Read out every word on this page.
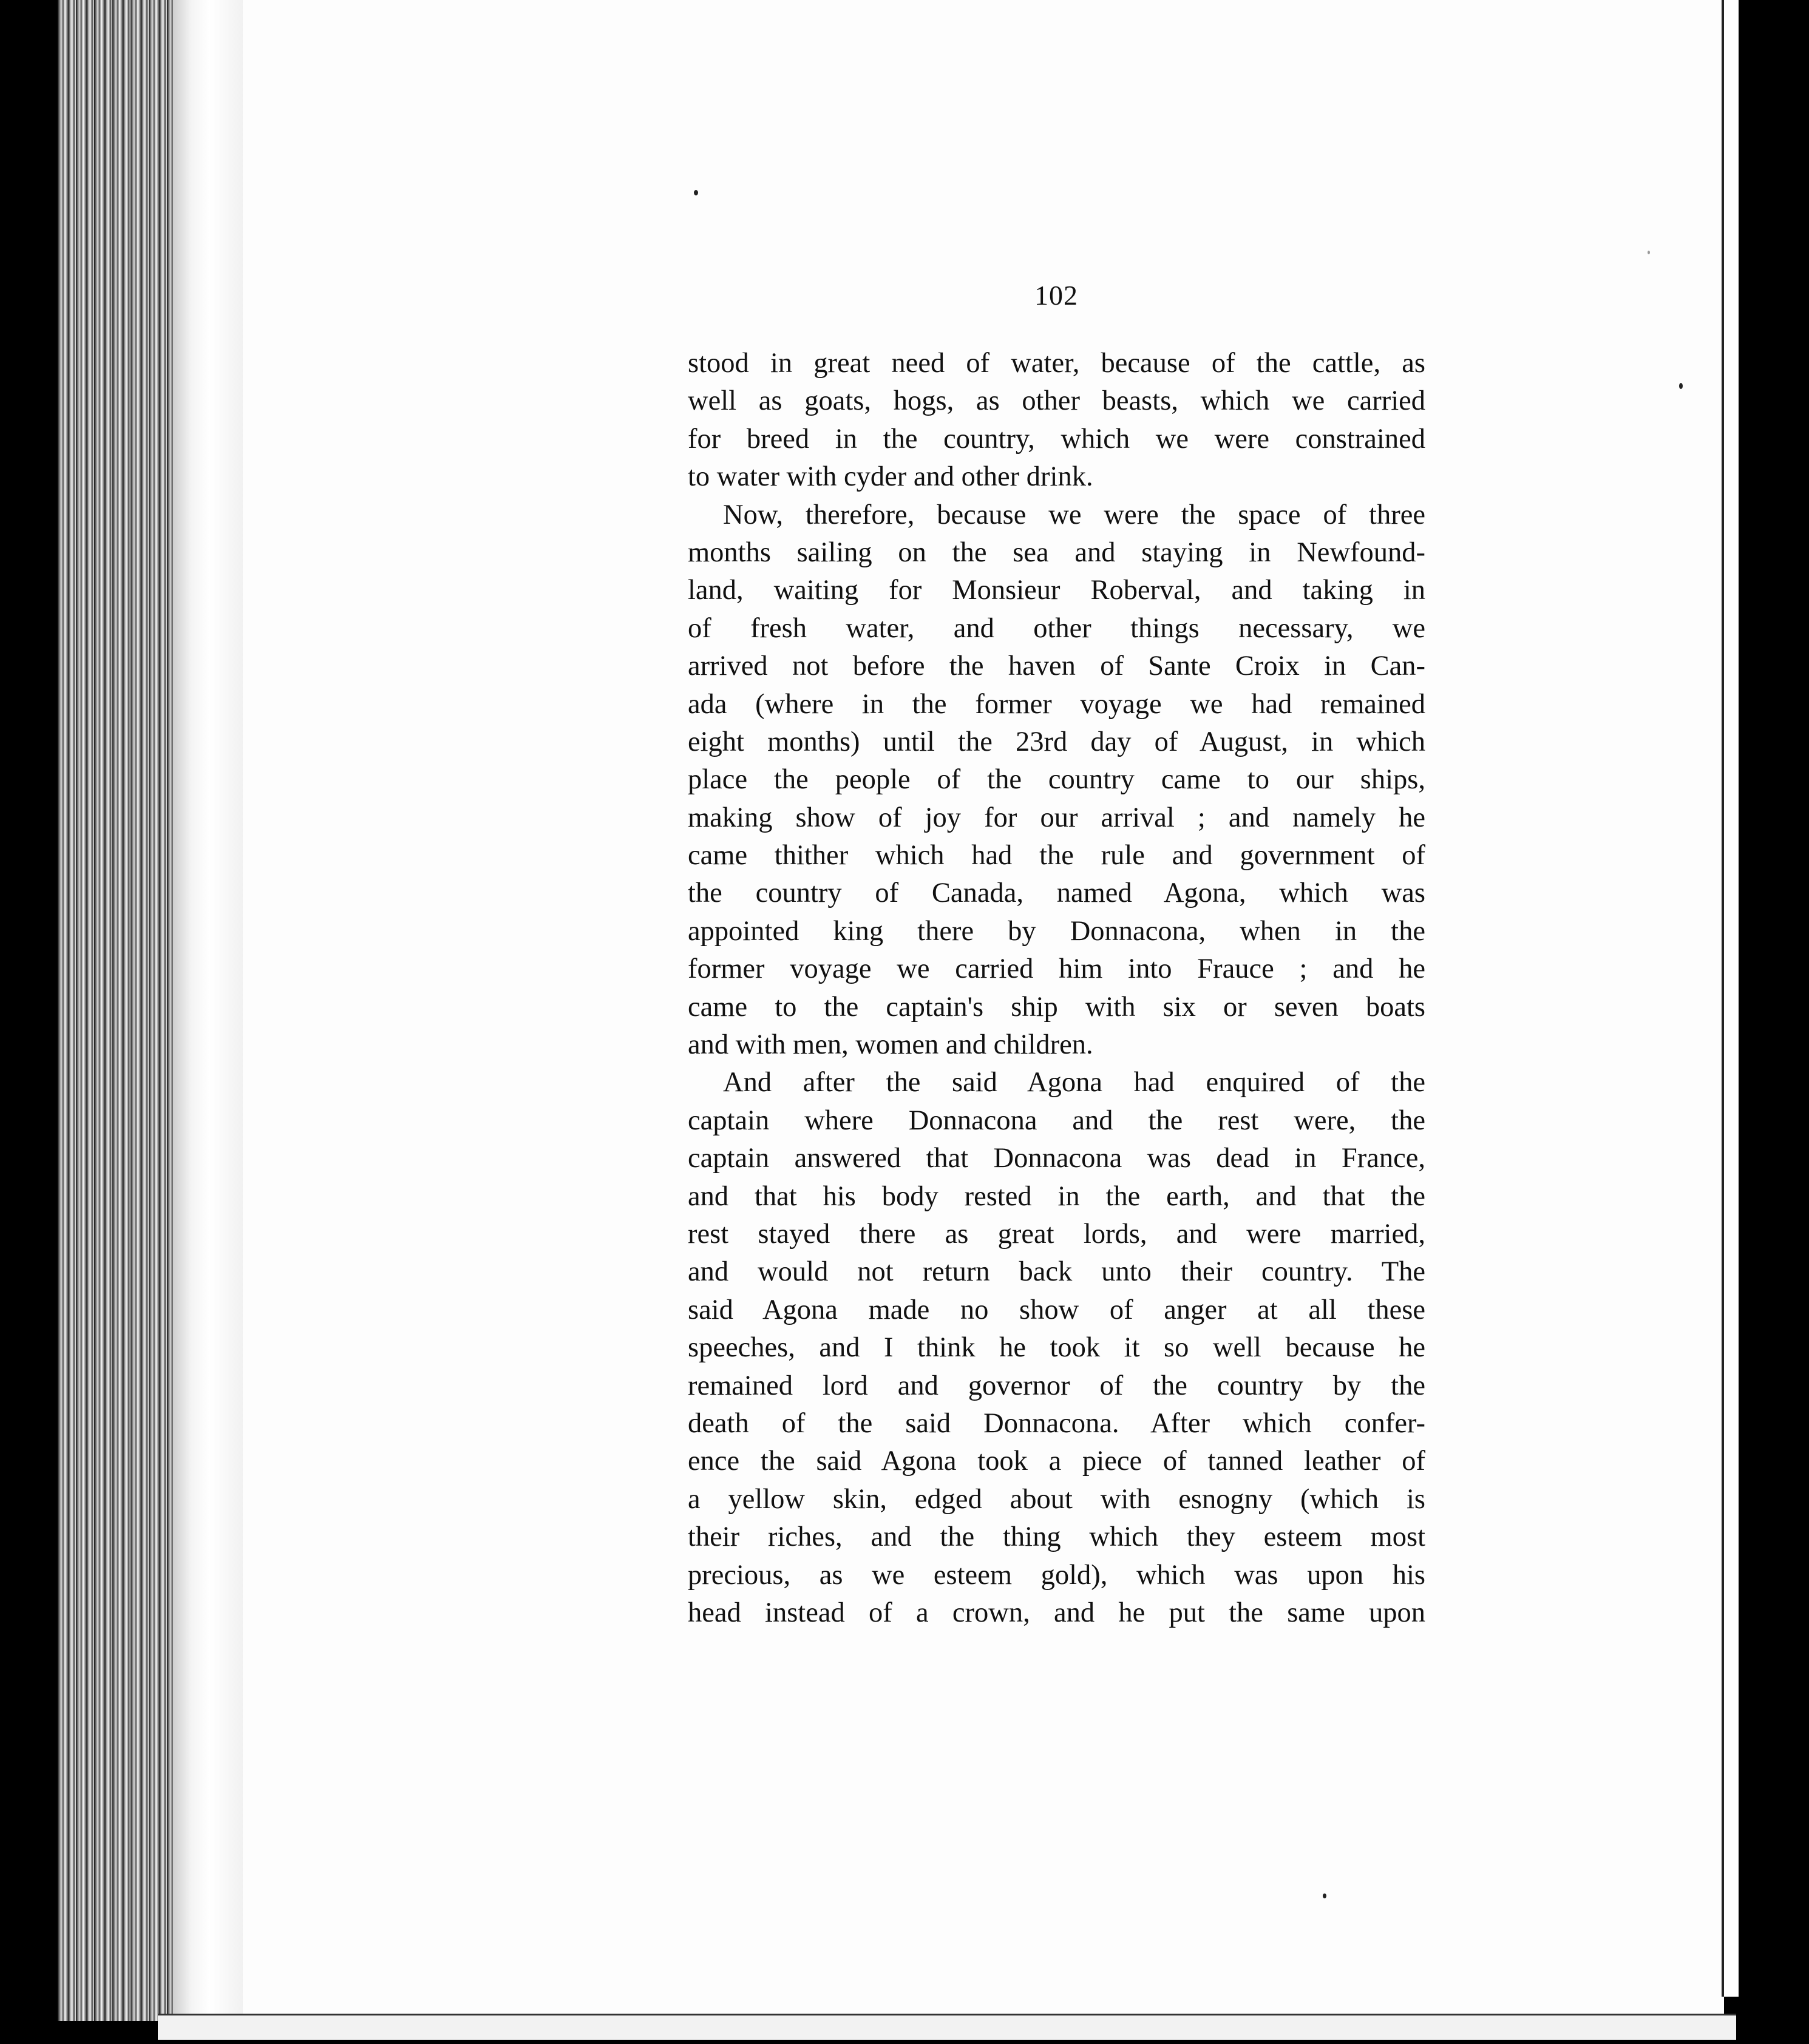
102
stood in great need of water, because of the cattle, as
well as goats, hogs, as other beasts, which we carried
for breed in the country, which we were constrained
to water with cyder and other drink.
Now, therefore, because we were the space of three
months sailing on the sea and staying in Newfound-
land, waiting for Monsieur Roberval, and taking in
of fresh water, and other things necessary, we
arrived not before the haven of Sante Croix in Can-
ada (where in the former voyage we had remained
eight months) until the 23rd day of August, in which
place the people of the country came to our ships,
making show of joy for our arrival ; and namely he
came thither which had the rule and government of
the country of Canada, named Agona, which was
appointed king there by Donnacona, when in the
former voyage we carried him into Frauce ; and he
came to the captain's ship with six or seven boats
and with men, women and children.
And after the said Agona had enquired of the
captain where Donnacona and the rest were, the
captain answered that Donnacona was dead in France,
and that his body rested in the earth, and that the
rest stayed there as great lords, and were married,
and would not return back unto their country. The
said Agona made no show of anger at all these
speeches, and I think he took it so well because he
remained lord and governor of the country by the
death of the said Donnacona. After which confer-
ence the said Agona took a piece of tanned leather of
a yellow skin, edged about with esnogny (which is
their riches, and the thing which they esteem most
precious, as we esteem gold), which was upon his
head instead of a crown, and he put the same upon
